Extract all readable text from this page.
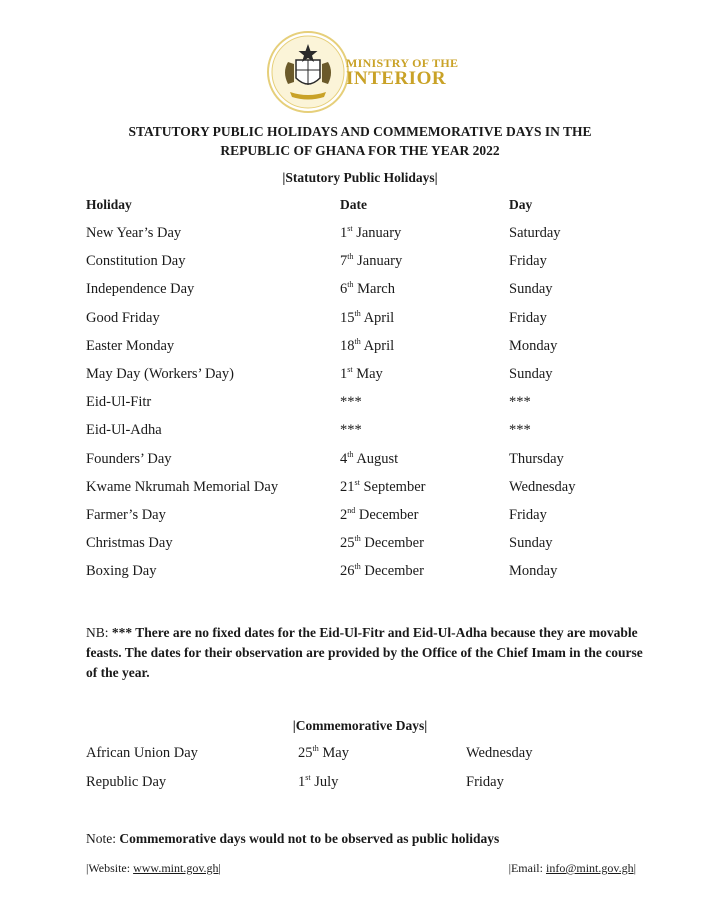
MINISTRY OF THE
INTERIOR
STATUTORY PUBLIC HOLIDAYS AND COMMEMORATIVE DAYS IN THE
REPUBLIC OF GHANA FOR THE YEAR 2022
|Statutory Public Holidays|
Holiday	Date	Day
New Year’s Day	1st January	Saturday
Constitution Day	7th January	Friday
Independence Day	6th March	Sunday
Good Friday	15th April	Friday
Easter Monday	18th April	Monday
May Day (Workers’ Day)	1st May	Sunday
Eid-Ul-Fitr	***	***
Eid-Ul-Adha	***	***
Founders’ Day	4th August	Thursday
Kwame Nkrumah Memorial Day	21st September	Wednesday
Farmer’s Day	2nd December	Friday
Christmas Day	25th December	Sunday
Boxing Day	26th December	Monday
NB: *** There are no fixed dates for the Eid-Ul-Fitr and Eid-Ul-Adha because they are movable feasts. The dates for their observation are provided by the Office of the Chief Imam in the course of the year.
|Commemorative Days|
African Union Day	25th May	Wednesday
Republic Day	1st July	Friday
Note: Commemorative days would not to be observed as public holidays
|Website: www.mint.gov.gh|	|Email: info@mint.gov.gh|
